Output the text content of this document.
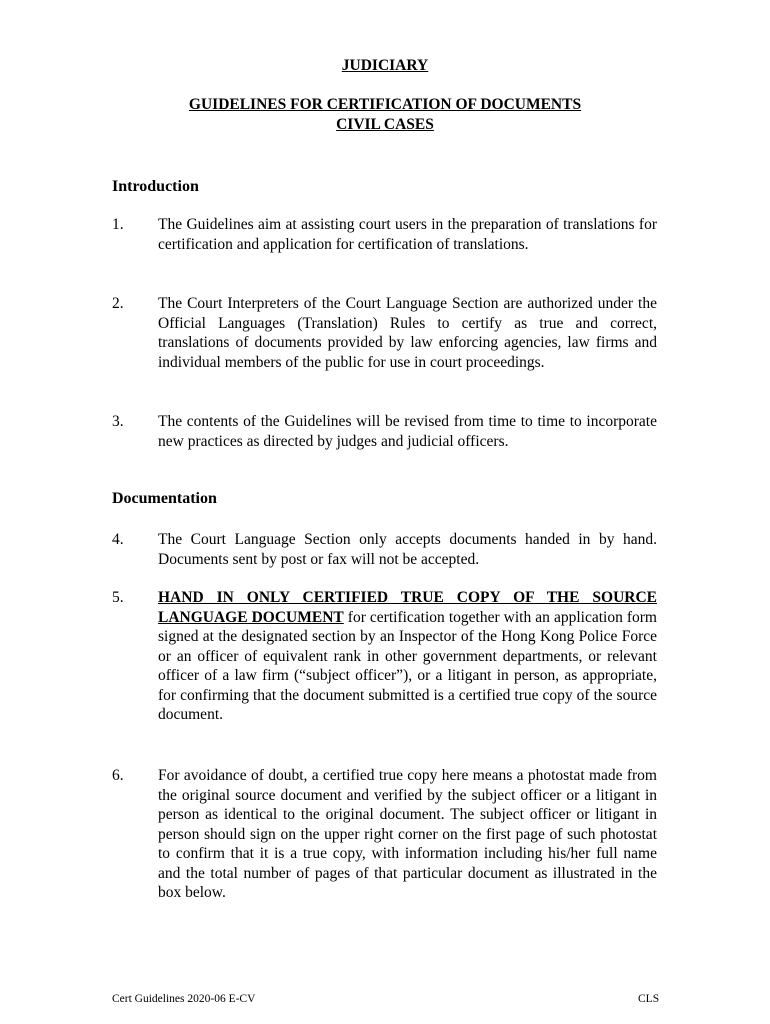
JUDICIARY
GUIDELINES FOR CERTIFICATION OF DOCUMENTS
CIVIL CASES
Introduction
1. The Guidelines aim at assisting court users in the preparation of translations for certification and application for certification of translations.
2. The Court Interpreters of the Court Language Section are authorized under the Official Languages (Translation) Rules to certify as true and correct, translations of documents provided by law enforcing agencies, law firms and individual members of the public for use in court proceedings.
3. The contents of the Guidelines will be revised from time to time to incorporate new practices as directed by judges and judicial officers.
Documentation
4. The Court Language Section only accepts documents handed in by hand. Documents sent by post or fax will not be accepted.
5. HAND IN ONLY CERTIFIED TRUE COPY OF THE SOURCE LANGUAGE DOCUMENT for certification together with an application form signed at the designated section by an Inspector of the Hong Kong Police Force or an officer of equivalent rank in other government departments, or relevant officer of a law firm (“subject officer”), or a litigant in person, as appropriate, for confirming that the document submitted is a certified true copy of the source document.
6. For avoidance of doubt, a certified true copy here means a photostat made from the original source document and verified by the subject officer or a litigant in person as identical to the original document. The subject officer or litigant in person should sign on the upper right corner on the first page of such photostat to confirm that it is a true copy, with information including his/her full name and the total number of pages of that particular document as illustrated in the box below.
Cert Guidelines 2020-06 E-CV	CLS
